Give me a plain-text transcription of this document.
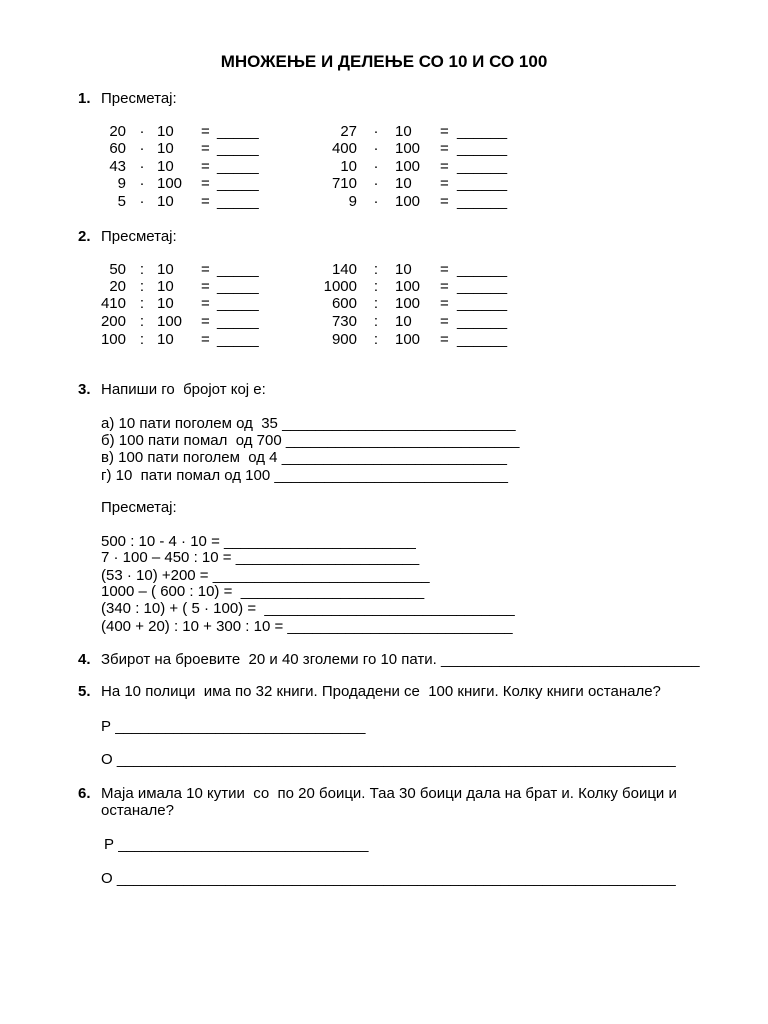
МНОЖЕЊЕ И ДЕЛЕЊЕ СО 10 И СО 100
1. Пресметај:
20 · 10 = _____	27 · 10 = ______
60 · 10 = _____	400 · 100 = ______
43 · 10 = _____	10 · 100 = ______
9 · 100 = _____	710 · 10 = ______
5 · 10 = _____	9 · 100 = ______
2. Пресметај:
50 : 10 = _____	140 : 10 = ______
20 : 10 = _____	1000 : 100 = ______
410 : 10 = _____	600 : 100 = ______
200 : 100 = _____	730 : 10 = ______
100 : 10 = _____	900 : 100 = ______
3. Напиши го  бројот кој е:
а) 10 пати поголем од  35 ____________________________
б) 100 пати помал  од 700 ____________________________
в) 100 пати поголем  од 4 ___________________________
г) 10  пати помал од 100 ____________________________
Пресметај:
500 : 10 - 4 · 10 = _______________________
7 · 100 – 450 : 10 = ______________________
(53 · 10) +200 = __________________________
1000 – ( 600 : 10) =  ______________________
(340 : 10) + ( 5 · 100) =  ______________________________
(400 + 20) : 10 + 300 : 10 = ___________________________
4. Збирот на броевите  20 и 40 зголеми го 10 пати. _______________________________
5. На 10 полици  има по 32 книги. Продадени се  100 книги. Колку книги останале?
Р ______________________________
О ___________________________________________________________________
6. Маја имала 10 кутии  со  по 20 боици. Таа 30 боици дала на брат и. Колку боици и
останале?
Р ______________________________
О ___________________________________________________________________
